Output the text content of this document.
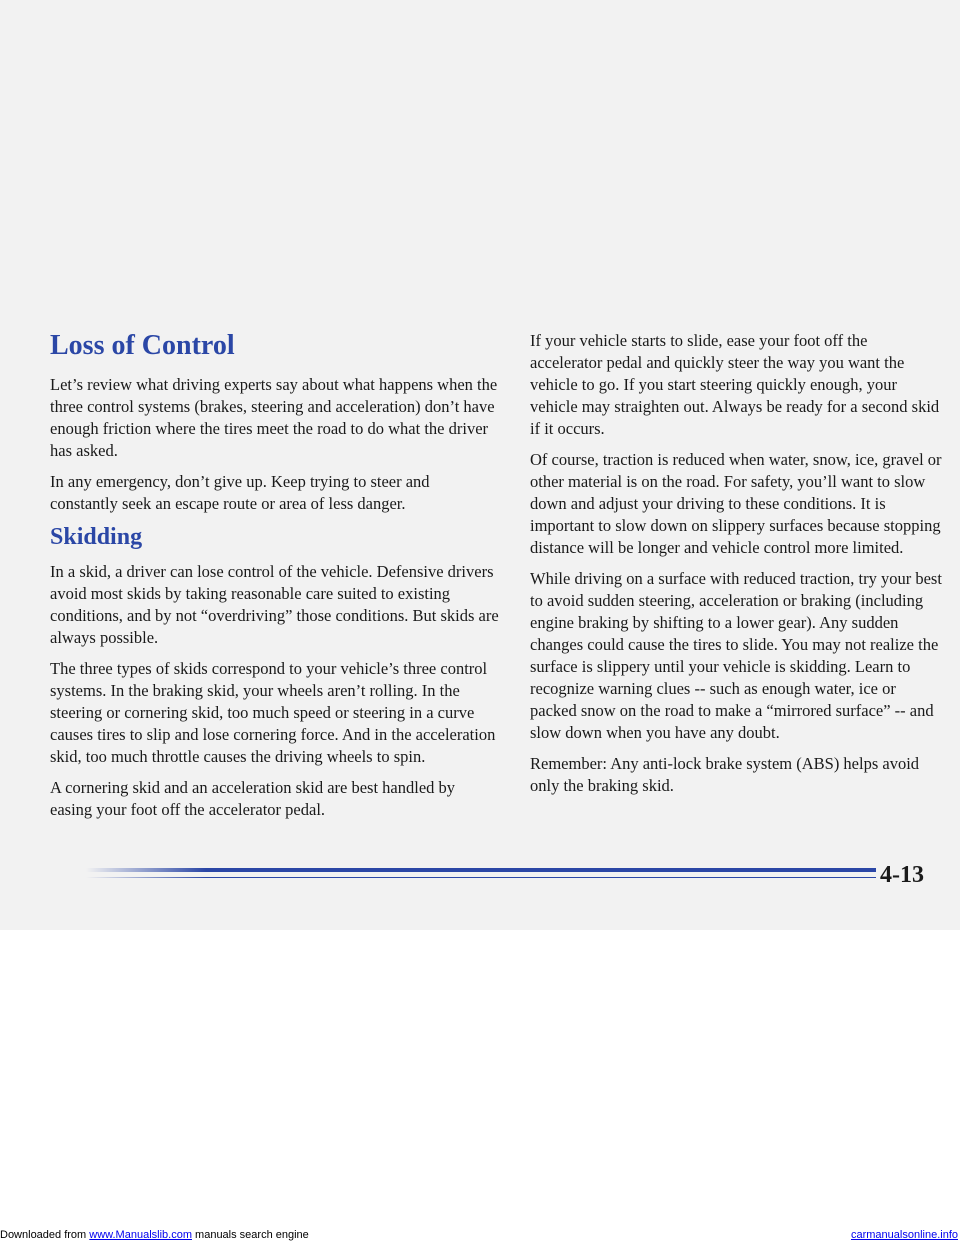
Loss of Control

Let’s review what driving experts say about what happens when the three control systems (brakes, steering and acceleration) don’t have enough friction where the tires meet the road to do what the driver has asked.

In any emergency, don’t give up. Keep trying to steer and constantly seek an escape route or area of less danger.

Skidding

In a skid, a driver can lose control of the vehicle. Defensive drivers avoid most skids by taking reasonable care suited to existing conditions, and by not “overdriving” those conditions. But skids are always possible.

The three types of skids correspond to your vehicle’s three control systems. In the braking skid, your wheels aren’t rolling. In the steering or cornering skid, too much speed or steering in a curve causes tires to slip and lose cornering force. And in the acceleration skid, too much throttle causes the driving wheels to spin.

A cornering skid and an acceleration skid are best handled by easing your foot off the accelerator pedal.

If your vehicle starts to slide, ease your foot off the accelerator pedal and quickly steer the way you want the vehicle to go. If you start steering quickly enough, your vehicle may straighten out. Always be ready for a second skid if it occurs.

Of course, traction is reduced when water, snow, ice, gravel or other material is on the road. For safety, you’ll want to slow down and adjust your driving to these conditions. It is important to slow down on slippery surfaces because stopping distance will be longer and vehicle control more limited.

While driving on a surface with reduced traction, try your best to avoid sudden steering, acceleration or braking (including engine braking by shifting to a lower gear). Any sudden changes could cause the tires to slide. You may not realize the surface is slippery until your vehicle is skidding. Learn to recognize warning clues -- such as enough water, ice or packed snow on the road to make a “mirrored surface” -- and slow down when you have any doubt.

Remember: Any anti-lock brake system (ABS) helps avoid only the braking skid.

4-13
Downloaded from www.Manualslib.com manuals search engine	carmanualsonline.info
